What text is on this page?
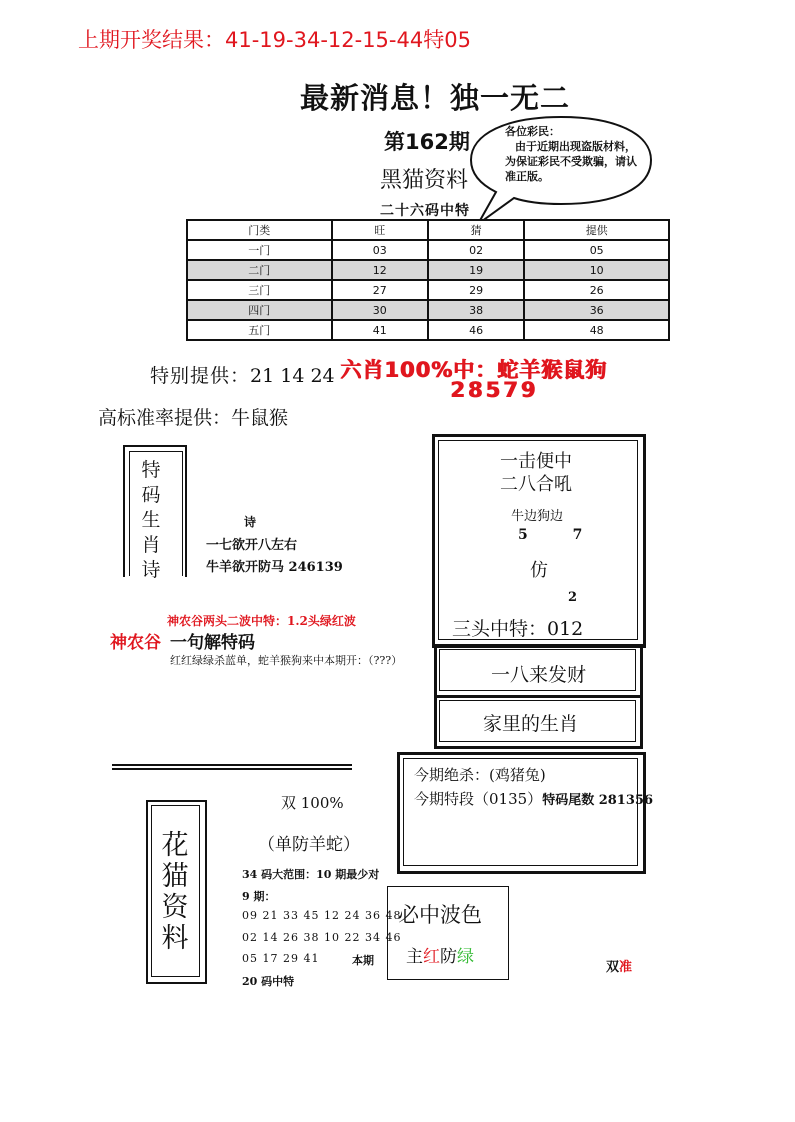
上期开奖结果：41-19-34-12-15-44特05
最新消息！独一无二
第162期
黑猫资料
二十六码中特
各位彩民：
由于近期出现盗版材料，为保证彩民不受欺骗，请认准正版。
门类	旺	猜	提供
一门	03	02	05
二门	12	19	10
三门	27	29	26
四门	30	38	36
五门	41	46	48
特别提供：21 14 24 六肖100%中：蛇羊猴鼠狗
28579
高标准率提供：牛鼠猴
特码生肖诗
诗
一七欲开八左右
牛羊欲开防马 246139
一击便中
二八合吼
牛边狗边
5 7
仿
2
三头中特：012
一八来发财
家里的生肖
神农谷两头二波中特：1.2头绿红波
神农谷 一句解特码
红红绿绿杀蓝单，蛇羊猴狗来中本期开：（???）
今期绝杀：(鸡猪兔)
今期特段（0135）特码尾数 281356
双 100%
（单防羊蛇）
花猫资料
34 码大范围：10 期最少对
9 期：
09 21 33 45 12 24 36 48
02 14 26 38 10 22 34 46
05 17 29 41	本期
20 码中特
必中波色
主红防绿
双准
